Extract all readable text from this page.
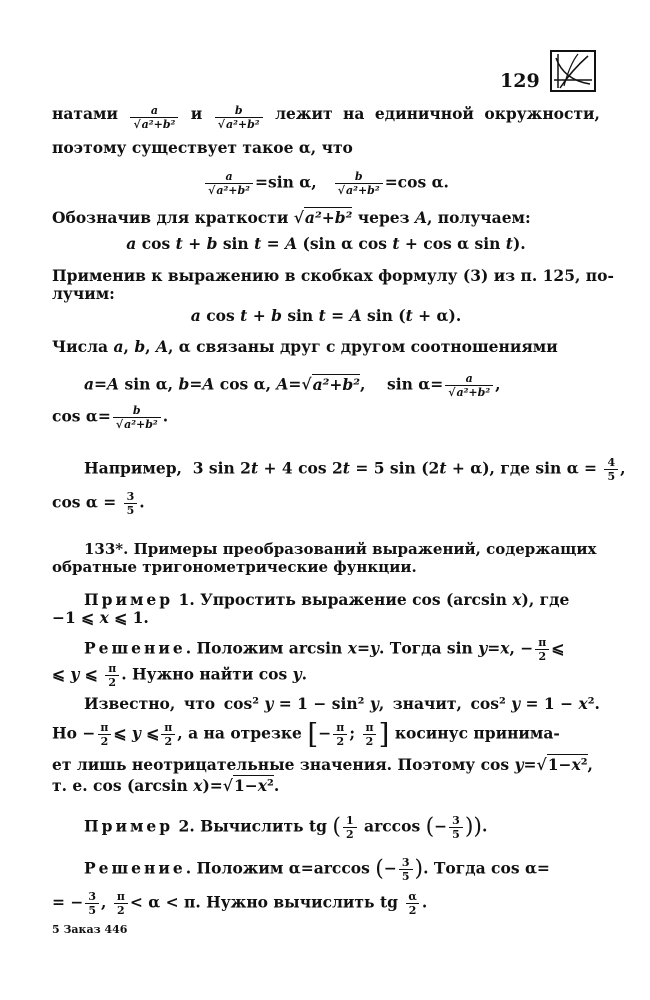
129
натами	a
√a²+b²
и	b
√a²+b²
лежит на единичной окружности,
поэтому существует такое α, что
$\frac{a}{\text{√a²+b²}} =\sin$ α, $\frac{b}{\text{√a²+b²}} =\cos$ α.
Обозначив для краткости √a²+b² через A, получаем:
a cos t + b sin t = A (sin α cos t + cos α sin t).
Применив к выражению в скобках формулу (3) из п. 125, по-
лучим:
a cos t + b sin t = A sin (t + α).
Числа a, b, A, α связаны друг с другом соотношениями
a=A sin α, b=A cos α, A=√a²+b²,    $\sin \alpha= \frac{a}{\text{√a²+b²}}$ ,
$\cos \alpha= \frac{b}{\text{√a²+b²}}$ .
Например,  3 sin 2t + 4 cos 2t = 5 sin (2t + α), где $\sin \alpha = \frac{4}{5}$ ,
$\cos \alpha = \frac{3}{5}$ .
133*. Примеры преобразований выражений, содержащих
обратные тригонометрические функции.
Пример 1. Упростить выражение cos (arcsin x), где
−1 ⩽ x ⩽ 1.
Решение. Положим arcsin x=y. Тогда sin y=x, − $\frac{\pi}{2}$ ⩽
⩽ y ⩽ $\frac{\pi}{2}$ . Нужно найти cos y.
Известно, что cos² y = 1 − sin² y, значит, cos² y = 1 − x².
Но − $\frac{\pi}{2}$ ⩽ y ⩽ $\frac{\pi}{2}$ , а на отрезке [− $\frac{\pi}{2}$ ; $\frac{\pi}{2}$ ] косинус принима-
ет лишь неотрицательные значения. Поэтому cos y=√1−x²,
т. е. cos (arcsin x)=√1−x².
Пример 2. Вычислить tg ( $\frac{1}{2}$ arccos (− $\frac{3}{5}$ )).
Решение. Положим α=arccos (− $\frac{3}{5}$ ). Тогда cos α=
= − $\frac{3}{5}$ , $\frac{\pi}{2} < \alpha < \pi$. Нужно вычислить tg $\frac{\alpha}{2}$ .
5 Заказ 446
